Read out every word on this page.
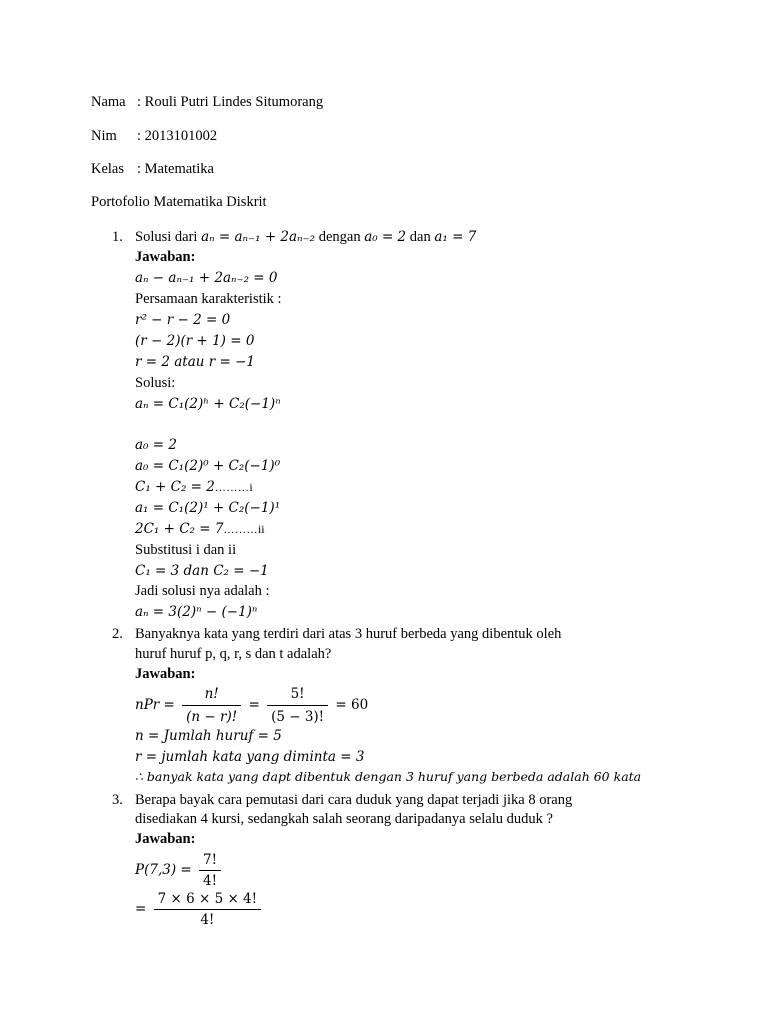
Nama : Rouli Putri Lindes Situmorang
Nim : 2013101002
Kelas : Matematika
Portofolio Matematika Diskrit
1. Solusi dari aₙ = aₙ₋₁ + 2aₙ₋₂ dengan a₀ = 2 dan a₁ = 7
Jawaban:
aₙ − aₙ₋₁ + 2aₙ₋₂ = 0
Persamaan karakteristik :
r² − r − 2 = 0
(r − 2)(r + 1) = 0
r = 2 atau r = −1
Solusi:
aₙ = C₁(2)ʰ + C₂(−1)ⁿ
a₀ = 2
a₀ = C₁(2)⁰ + C₂(−1)⁰
C₁ + C₂ = 2………i
a₁ = C₁(2)¹ + C₂(−1)¹
2C₁ + C₂ = 7………ii
Substitusi i dan ii
C₁ = 3 dan C₂ = −1
Jadi solusi nya adalah :
aₙ = 3(2)ⁿ − (−1)ⁿ
2. Banyaknya kata yang terdiri dari atas 3 huruf berbeda yang dibentuk oleh
huruf huruf p, q, r, s dan t adalah?
Jawaban:
nPr = $\frac{n!}{(n - r)!} = \frac{5!}{(5 - 3)!} = 60$
n = Jumlah huruf = 5
r = jumlah kata yang diminta = 3
∴ banyak kata yang dapt dibentuk dengan 3 huruf yang berbeda adalah 60 kata
3. Berapa bayak cara pemutasi dari cara duduk yang dapat terjadi jika 8 orang
disediakan 4 kursi, sedangkah salah seorang daripadanya selalu duduk ?
Jawaban:
$P(7,3) = \frac{7!}{4!}$
= $\frac{7 \times 6 \times 5 \times 4!}{4!}$
